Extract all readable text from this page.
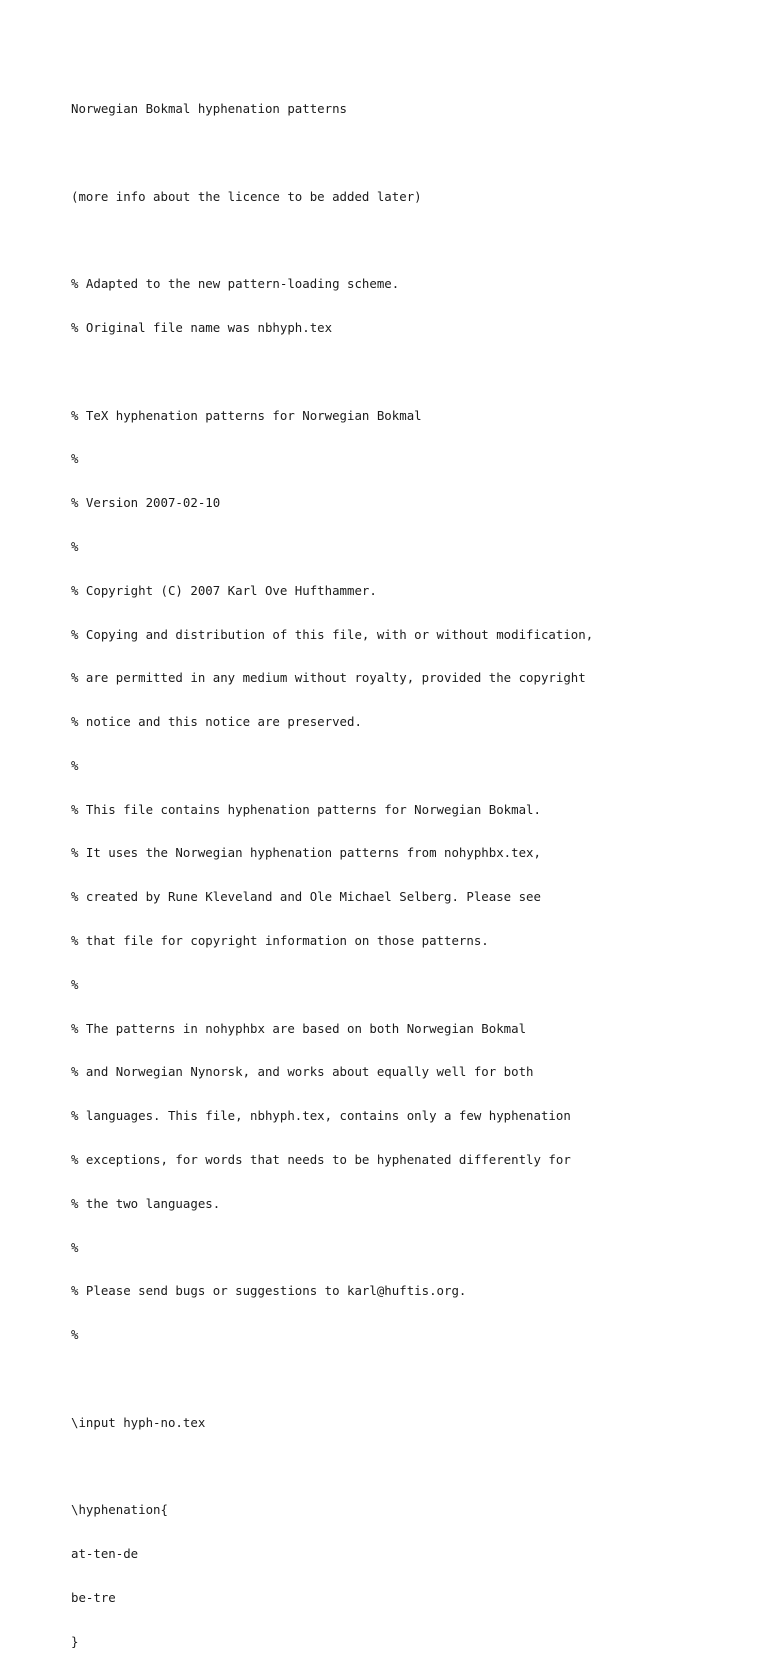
Norwegian Bokmal hyphenation patterns

(more info about the licence to be added later)

% Adapted to the new pattern-loading scheme.

% Original file name was nbhyph.tex

% TeX hyphenation patterns for Norwegian Bokmal

%

% Version 2007-02-10

%

% Copyright (C) 2007 Karl Ove Hufthammer.

% Copying and distribution of this file, with or without modification,

% are permitted in any medium without royalty, provided the copyright

% notice and this notice are preserved.

%

% This file contains hyphenation patterns for Norwegian Bokmal.

% It uses the Norwegian hyphenation patterns from nohyphbx.tex,

% created by Rune Kleveland and Ole Michael Selberg. Please see

% that file for copyright information on those patterns.

%

% The patterns in nohyphbx are based on both Norwegian Bokmal

% and Norwegian Nynorsk, and works about equally well for both

% languages. This file, nbhyph.tex, contains only a few hyphenation

% exceptions, for words that needs to be hyphenated differently for

% the two languages.

%

% Please send bugs or suggestions to karl@huftis.org.

%

\input hyph-no.tex

\hyphenation{

at-ten-de

be-tre

}
